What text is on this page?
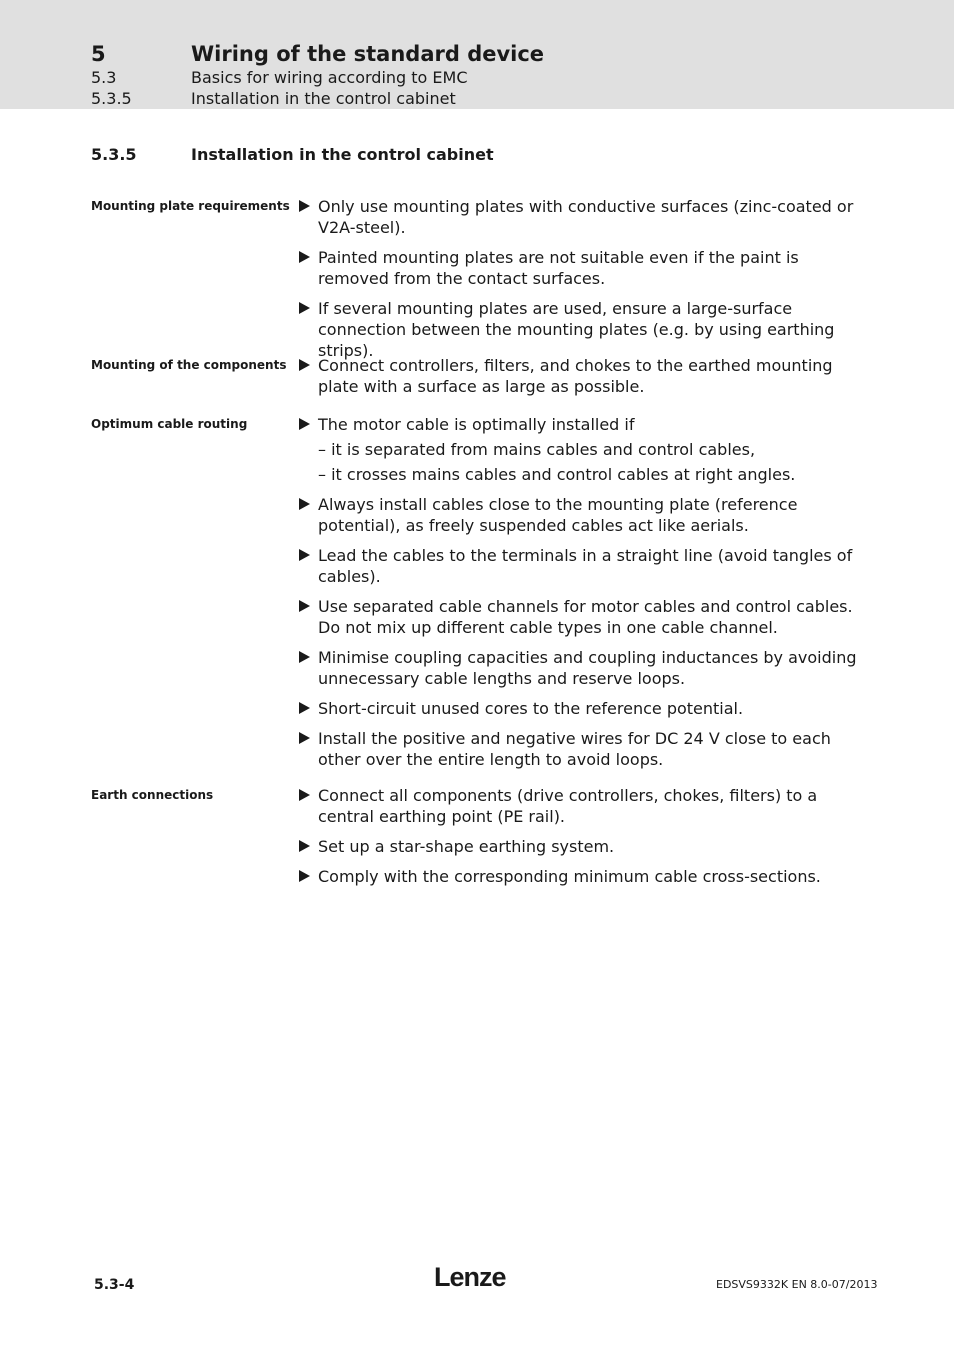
5	Wiring of the standard device
5.3	Basics for wiring according to EMC
5.3.5	Installation in the control cabinet
5.3.5	Installation in the control cabinet
Mounting plate requirements	Only use mounting plates with conductive surfaces (zinc-coated or V2A-steel).
Painted mounting plates are not suitable even if the paint is removed from the contact surfaces.
If several mounting plates are used, ensure a large-surface connection between the mounting plates (e.g. by using earthing strips).
Mounting of the components	Connect controllers, filters, and chokes to the earthed mounting plate with a surface as large as possible.
Optimum cable routing	The motor cable is optimally installed if
– it is separated from mains cables and control cables,
– it crosses mains cables and control cables at right angles.
Always install cables close to the mounting plate (reference potential), as freely suspended cables act like aerials.
Lead the cables to the terminals in a straight line (avoid tangles of cables).
Use separated cable channels for motor cables and control cables. Do not mix up different cable types in one cable channel.
Minimise coupling capacities and coupling inductances by avoiding unnecessary cable lengths and reserve loops.
Short-circuit unused cores to the reference potential.
Install the positive and negative wires for DC 24 V close to each other over the entire length to avoid loops.
Earth connections	Connect all components (drive controllers, chokes, filters) to a central earthing point (PE rail).
Set up a star-shape earthing system.
Comply with the corresponding minimum cable cross-sections.
5.3-4	Lenze	EDSVS9332K EN 8.0-07/2013
